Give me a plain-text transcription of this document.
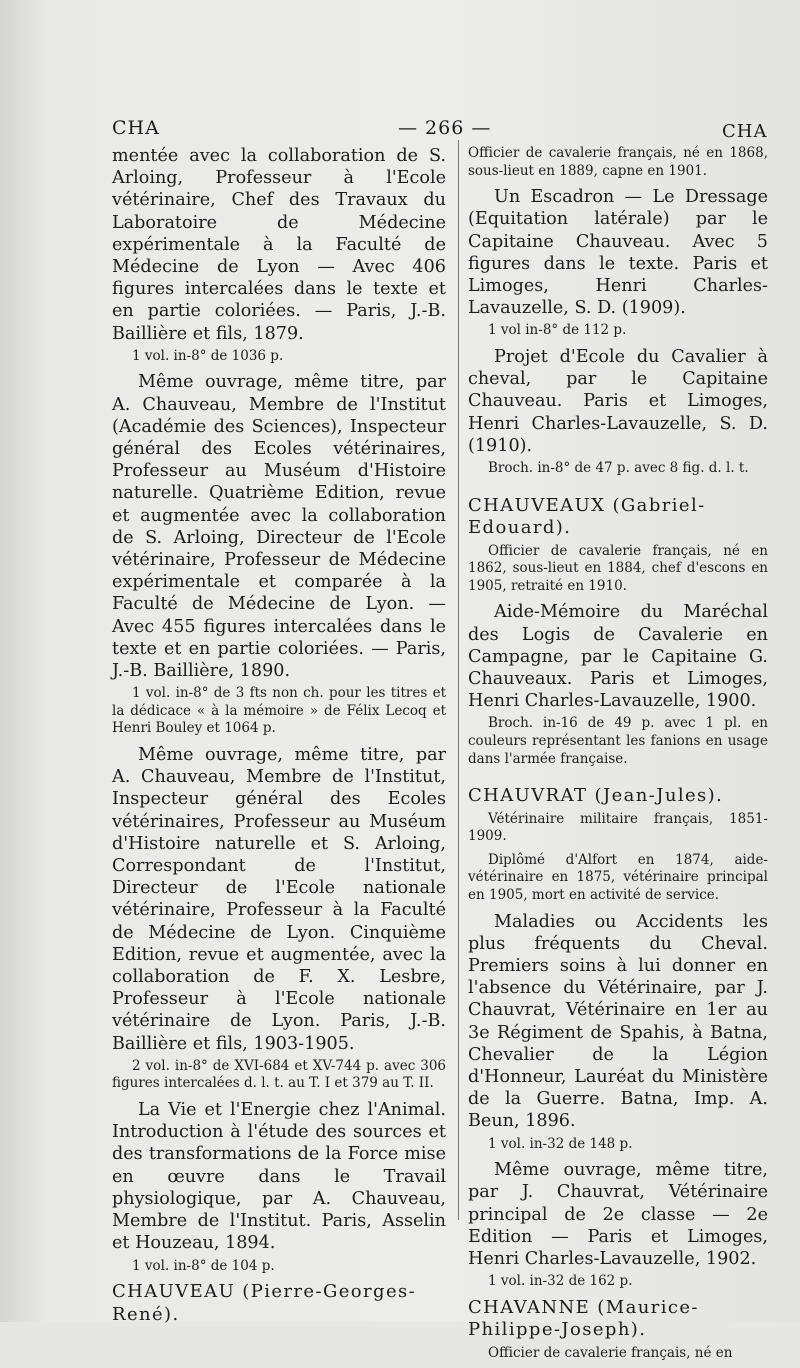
CHA	— 266 —	CHA
mentée avec la collaboration de S. Arloing, Professeur à l'Ecole vétérinaire, Chef des Travaux du Laboratoire de Médecine expérimentale à la Faculté de Médecine de Lyon — Avec 406 figures intercalées dans le texte et en partie coloriées. — Paris, J.-B. Baillière et fils, 1879.
1 vol. in-8° de 1036 p.
Même ouvrage, même titre, par A. Chauveau, Membre de l'Institut (Académie des Sciences), Inspecteur général des Ecoles vétérinaires, Professeur au Muséum d'Histoire naturelle. Quatrième Edition, revue et augmentée avec la collaboration de S. Arloing, Directeur de l'Ecole vétérinaire, Professeur de Médecine expérimentale et comparée à la Faculté de Médecine de Lyon. — Avec 455 figures intercalées dans le texte et en partie coloriées. — Paris, J.-B. Baillière, 1890.
1 vol. in-8° de 3 fts non ch. pour les titres et la dédicace « à la mémoire » de Félix Lecoq et Henri Bouley et 1064 p.
Même ouvrage, même titre, par A. Chauveau, Membre de l'Institut, Inspecteur général des Ecoles vétérinaires, Professeur au Muséum d'Histoire naturelle et S. Arloing, Correspondant de l'Institut, Directeur de l'Ecole nationale vétérinaire, Professeur à la Faculté de Médecine de Lyon. Cinquième Edition, revue et augmentée, avec la collaboration de F. X. Lesbre, Professeur à l'Ecole nationale vétérinaire de Lyon. Paris, J.-B. Baillière et fils, 1903-1905.
2 vol. in-8° de XVI-684 et XV-744 p. avec 306 figures intercalées d. l. t. au T. I et 379 au T. II.
La Vie et l'Energie chez l'Animal. Introduction à l'étude des sources et des transformations de la Force mise en œuvre dans le Travail physiologique, par A. Chauveau, Membre de l'Institut. Paris, Asselin et Houzeau, 1894.
1 vol. in-8° de 104 p.
CHAUVEAU (Pierre-Georges-René).
Officier de cavalerie français, né en 1868, sous-lieut en 1889, capne en 1901.
Un Escadron — Le Dressage (Equitation latérale) par le Capitaine Chauveau. Avec 5 figures dans le texte. Paris et Limoges, Henri Charles-Lavauzelle, S. D. (1909).
1 vol in-8° de 112 p.
Projet d'Ecole du Cavalier à cheval, par le Capitaine Chauveau. Paris et Limoges, Henri Charles-Lavauzelle, S. D. (1910).
Broch. in-8° de 47 p. avec 8 fig. d. l. t.
CHAUVEAUX (Gabriel-Edouard).
Officier de cavalerie français, né en 1862, sous-lieut en 1884, chef d'escons en 1905, retraité en 1910.
Aide-Mémoire du Maréchal des Logis de Cavalerie en Campagne, par le Capitaine G. Chauveaux. Paris et Limoges, Henri Charles-Lavauzelle, 1900.
Broch. in-16 de 49 p. avec 1 pl. en couleurs représentant les fanions en usage dans l'armée française.
CHAUVRAT (Jean-Jules).
Vétérinaire militaire français, 1851-1909.
Diplômé d'Alfort en 1874, aide-vétérinaire en 1875, vétérinaire principal en 1905, mort en activité de service.
Maladies ou Accidents les plus fréquents du Cheval. Premiers soins à lui donner en l'absence du Vétérinaire, par J. Chauvrat, Vétérinaire en 1er au 3e Régiment de Spahis, à Batna, Chevalier de la Légion d'Honneur, Lauréat du Ministère de la Guerre. Batna, Imp. A. Beun, 1896.
1 vol. in-32 de 148 p.
Même ouvrage, même titre, par J. Chauvrat, Vétérinaire principal de 2e classe — 2e Edition — Paris et Limoges, Henri Charles-Lavauzelle, 1902.
1 vol. in-32 de 162 p.
CHAVANNE (Maurice-Philippe-Joseph).
Officier de cavalerie français, né en
